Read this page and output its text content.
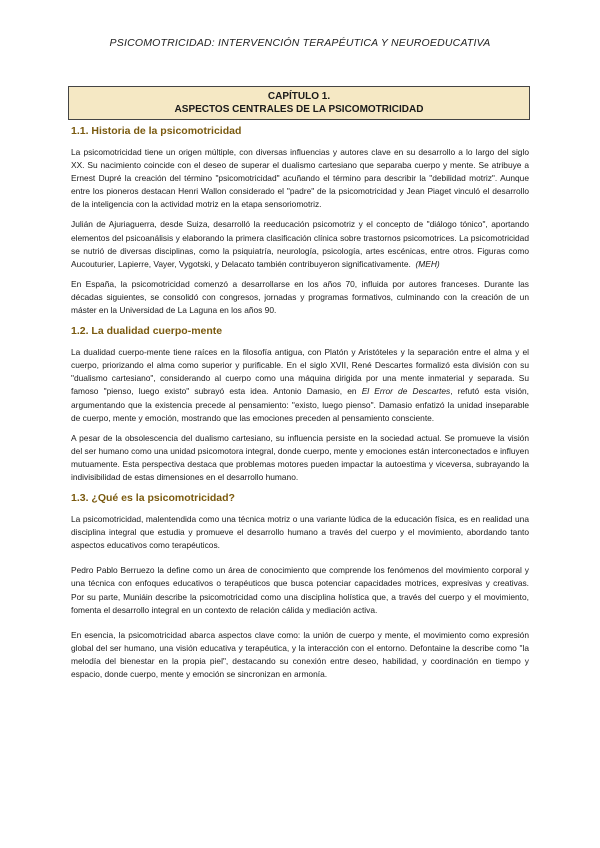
PSICOMOTRICIDAD: INTERVENCIÓN TERAPÉUTICA Y NEUROEDUCATIVA
CAPÍTULO 1.
ASPECTOS CENTRALES DE LA PSICOMOTRICIDAD
1.1. Historia de la psicomotricidad

La psicomotricidad tiene un origen múltiple, con diversas influencias y autores clave en su desarrollo a lo largo del siglo XX. Su nacimiento coincide con el deseo de superar el dualismo cartesiano que separaba cuerpo y mente. Se atribuye a Ernest Dupré la creación del término "psicomotricidad" acuñando el término para describir la "debilidad motriz". Aunque entre los pioneros destacan Henri Wallon considerado el "padre" de la psicomotricidad y Jean Piaget vinculó el desarrollo de la inteligencia con la actividad motriz en la etapa sensoriomotriz.

Julián de Ajuriaguerra, desde Suiza, desarrolló la reeducación psicomotriz y el concepto de "diálogo tónico", aportando elementos del psicoanálisis y elaborando la primera clasificación clínica sobre trastornos psicomotrices. La psicomotricidad se nutrió de diversas disciplinas, como la psiquiatría, neurología, psicología, artes escénicas, entre otros. Figuras como Aucouturier, Lapierre, Vayer, Vygotski, y Delacato también contribuyeron significativamente. (MEH)

En España, la psicomotricidad comenzó a desarrollarse en los años 70, influida por autores franceses. Durante las décadas siguientes, se consolidó con congresos, jornadas y programas formativos, culminando con la creación de un máster en la Universidad de La Laguna en los años 90.

1.2. La dualidad cuerpo-mente

La dualidad cuerpo-mente tiene raíces en la filosofía antigua, con Platón y Aristóteles y la separación entre el alma y el cuerpo, priorizando el alma como superior y purificable. En el siglo XVII, René Descartes formalizó esta división con su "dualismo cartesiano", considerando al cuerpo como una máquina dirigida por una mente inmaterial y separada. Su famoso "pienso, luego existo" subrayó esta idea. Antonio Damasio, en El Error de Descartes, refutó esta visión, argumentando que la existencia precede al pensamiento: "existo, luego pienso". Damasio enfatizó la unidad inseparable de cuerpo, mente y emoción, mostrando que las emociones preceden al pensamiento consciente.

A pesar de la obsolescencia del dualismo cartesiano, su influencia persiste en la sociedad actual. Se promueve la visión del ser humano como una unidad psicomotora integral, donde cuerpo, mente y emociones están interconectados e influyen mutuamente. Esta perspectiva destaca que problemas motores pueden impactar la autoestima y viceversa, subrayando la indivisibilidad de estas dimensiones en el desarrollo humano.

1.3. ¿Qué es la psicomotricidad?

La psicomotricidad, malentendida como una técnica motriz o una variante lúdica de la educación física, es en realidad una disciplina integral que estudia y promueve el desarrollo humano a través del cuerpo y el movimiento, abordando tanto aspectos educativos como terapéuticos.

Pedro Pablo Berruezo la define como un área de conocimiento que comprende los fenómenos del movimiento corporal y una técnica con enfoques educativos o terapéuticos que busca potenciar capacidades motrices, expresivas y creativas. Por su parte, Muniáin describe la psicomotricidad como una disciplina holística que, a través del cuerpo y el movimiento, fomenta el desarrollo integral en un contexto de relación cálida y mediación activa.

En esencia, la psicomotricidad abarca aspectos clave como: la unión de cuerpo y mente, el movimiento como expresión global del ser humano, una visión educativa y terapéutica, y la interacción con el entorno. Defontaine la describe como "la melodía del bienestar en la propia piel", destacando su conexión entre deseo, habilidad, y coordinación en tiempo y espacio, donde cuerpo, mente y emoción se sincronizan en armonía.
